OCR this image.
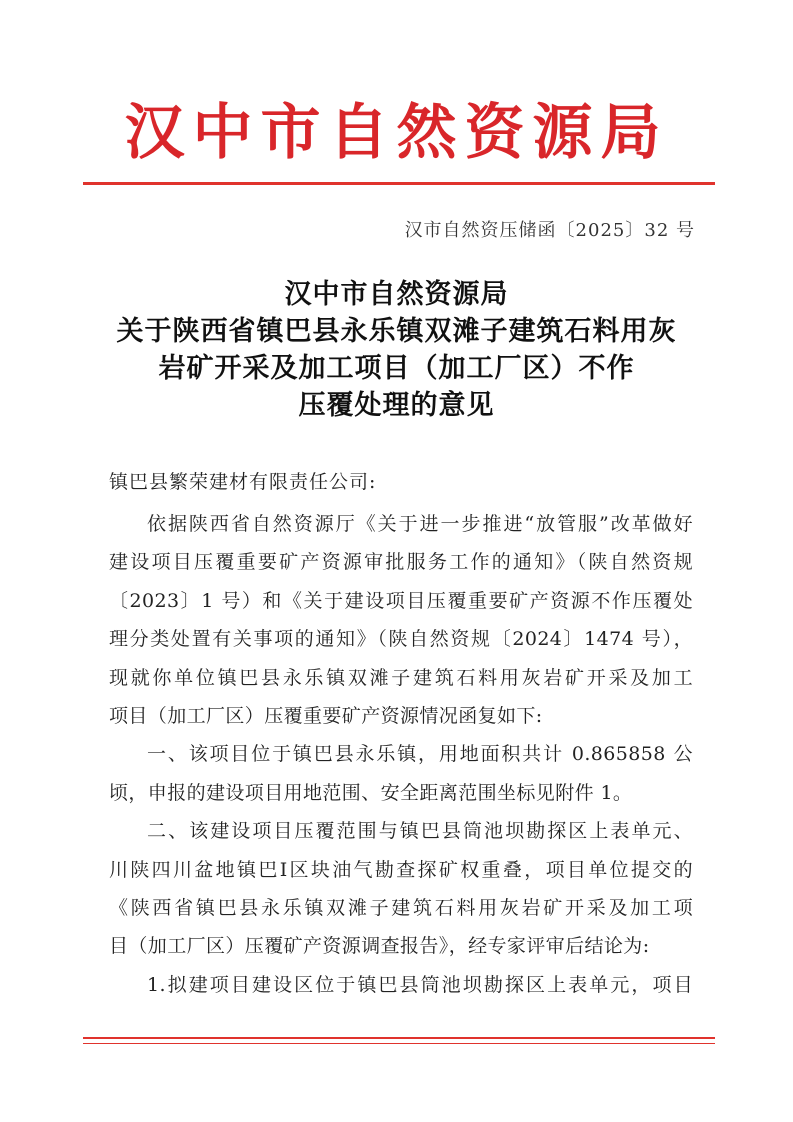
汉中市自然资源局
汉市自然资压储函〔2025〕32 号
汉中市自然资源局
关于陕西省镇巴县永乐镇双滩子建筑石料用灰
岩矿开采及加工项目（加工厂区）不作
压覆处理的意见
镇巴县繁荣建材有限责任公司:
依据陕西省自然资源厅《关于进一步推进“放管服”改革做好
建设项目压覆重要矿产资源审批服务工作的通知》（陕自然资规
〔2023〕1 号）和《关于建设项目压覆重要矿产资源不作压覆处
理分类处置有关事项的通知》（陕自然资规〔2024〕1474 号），
现就你单位镇巴县永乐镇双滩子建筑石料用灰岩矿开采及加工
项目（加工厂区）压覆重要矿产资源情况函复如下:
一、该项目位于镇巴县永乐镇，用地面积共计 0.865858 公
顷，申报的建设项目用地范围、安全距离范围坐标见附件 1。
二、该建设项目压覆范围与镇巴县筒池坝勘探区上表单元、
川陕四川盆地镇巴Ⅰ区块油气勘查探矿权重叠，项目单位提交的
《陕西省镇巴县永乐镇双滩子建筑石料用灰岩矿开采及加工项
目（加工厂区）压覆矿产资源调查报告》，经专家评审后结论为:
1.拟建项目建设区位于镇巴县筒池坝勘探区上表单元，项目
